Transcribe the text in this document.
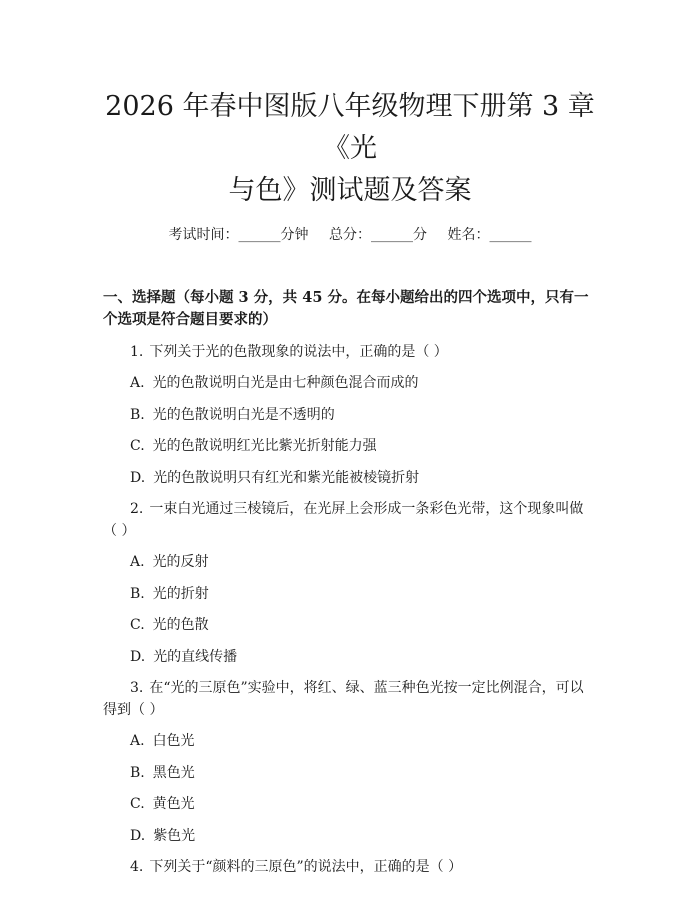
2026 年春中图版八年级物理下册第 3 章《光
与色》测试题及答案
考试时间：______分钟 总分：______分 姓名：______
一、选择题（每小题 3 分，共 45 分。在每小题给出的四个选项中，只有一个选项是符合题目要求的）
1. 下列关于光的色散现象的说法中，正确的是（ ）
A. 光的色散说明白光是由七种颜色混合而成的
B. 光的色散说明白光是不透明的
C. 光的色散说明红光比紫光折射能力强
D. 光的色散说明只有红光和紫光能被棱镜折射
2. 一束白光通过三棱镜后，在光屏上会形成一条彩色光带，这个现象叫做（ ）
A. 光的反射
B. 光的折射
C. 光的色散
D. 光的直线传播
3. 在“光的三原色”实验中，将红、绿、蓝三种色光按一定比例混合，可以得到（ ）
A. 白色光
B. 黑色光
C. 黄色光
D. 紫色光
4. 下列关于“颜料的三原色”的说法中，正确的是（ ）
